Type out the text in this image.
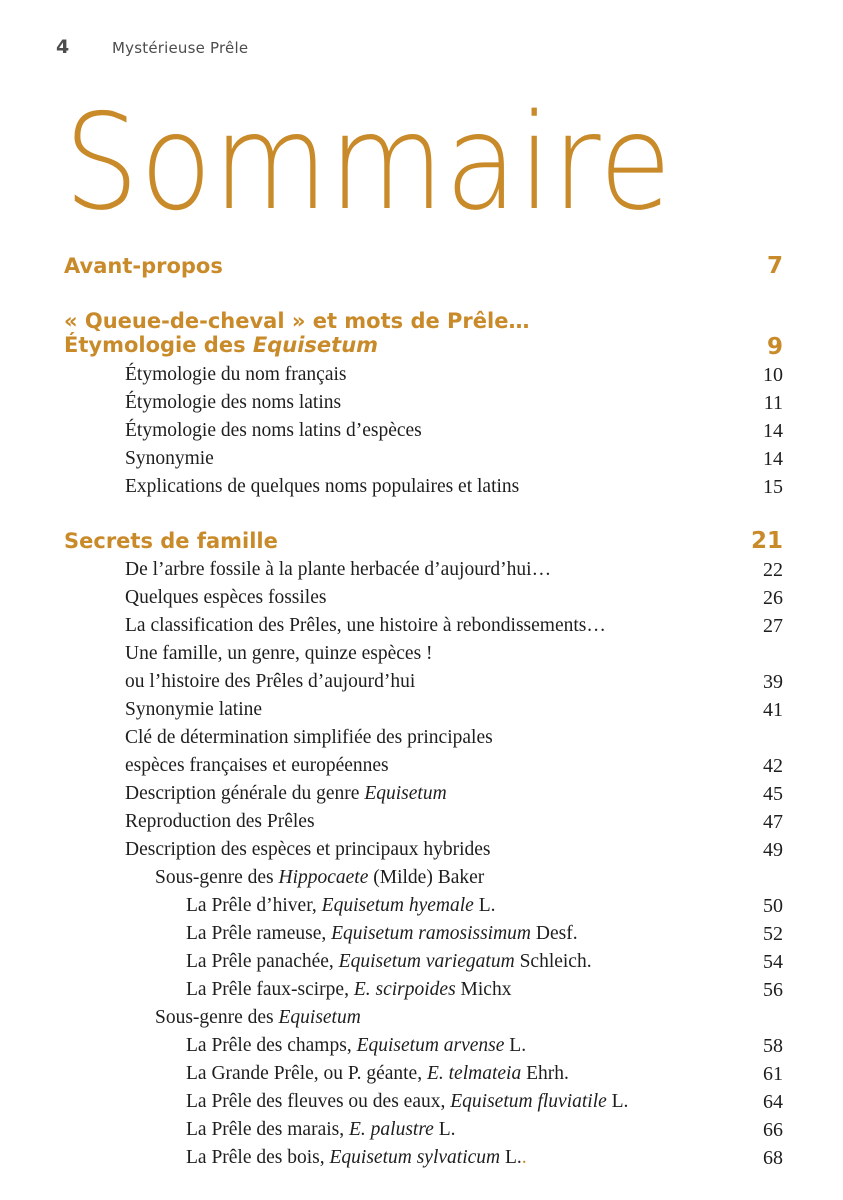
4	Mystérieuse Prêle
Sommaire
Avant-propos	7
« Queue-de-cheval » et mots de Prêle…
Étymologie des Equisetum	9
Étymologie du nom français	10
Étymologie des noms latins	11
Étymologie des noms latins d’espèces	14
Synonymie	14
Explications de quelques noms populaires et latins	15
Secrets de famille	21
De l’arbre fossile à la plante herbacée d’aujourd’hui…	22
Quelques espèces fossiles	26
La classification des Prêles, une histoire à rebondissements…	27
Une famille, un genre, quinze espèces !
ou l’histoire des Prêles d’aujourd’hui	39
Synonymie latine	41
Clé de détermination simplifiée des principales
espèces françaises et européennes	42
Description générale du genre Equisetum	45
Reproduction des Prêles	47
Description des espèces et principaux hybrides	49
Sous-genre des Hippocaete (Milde) Baker
La Prêle d’hiver, Equisetum hyemale L.	50
La Prêle rameuse, Equisetum ramosissimum Desf.	52
La Prêle panachée, Equisetum variegatum Schleich.	54
La Prêle faux-scirpe, E. scirpoides Michx	56
Sous-genre des Equisetum
La Prêle des champs, Equisetum arvense L.	58
La Grande Prêle, ou P. géante, E. telmateia Ehrh.	61
La Prêle des fleuves ou des eaux, Equisetum fluviatile L.	64
La Prêle des marais, E. palustre L.	66
La Prêle des bois, Equisetum sylvaticum L..	68
